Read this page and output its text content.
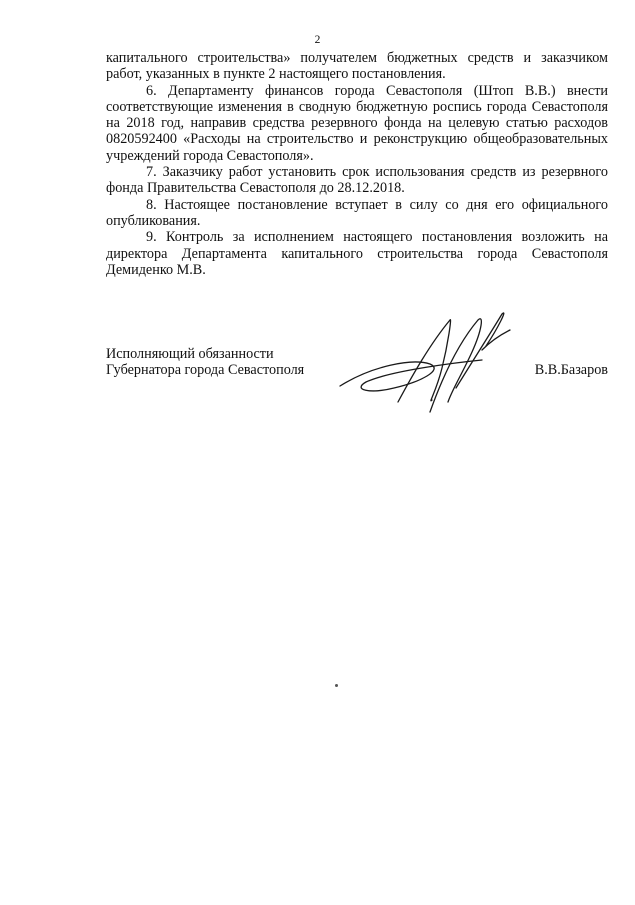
2

капитального строительства» получателем бюджетных средств и заказчиком работ, указанных в пункте 2 настоящего постановления.

6. Департаменту финансов города Севастополя (Штоп В.В.) внести соответствующие изменения в сводную бюджетную роспись города Севастополя на 2018 год, направив средства резервного фонда на целевую статью расходов 0820592400 «Расходы на строительство и реконструкцию общеобразовательных учреждений города Севастополя».

7. Заказчику работ установить срок использования средств из резервного фонда Правительства Севастополя до 28.12.2018.

8. Настоящее постановление вступает в силу со дня его официального опубликования.

9. Контроль за исполнением настоящего постановления возложить на директора Департамента капитального строительства города Севастополя Демиденко М.В.

Исполняющий обязанности
Губернатора города Севастополя	В.В.Базаров
